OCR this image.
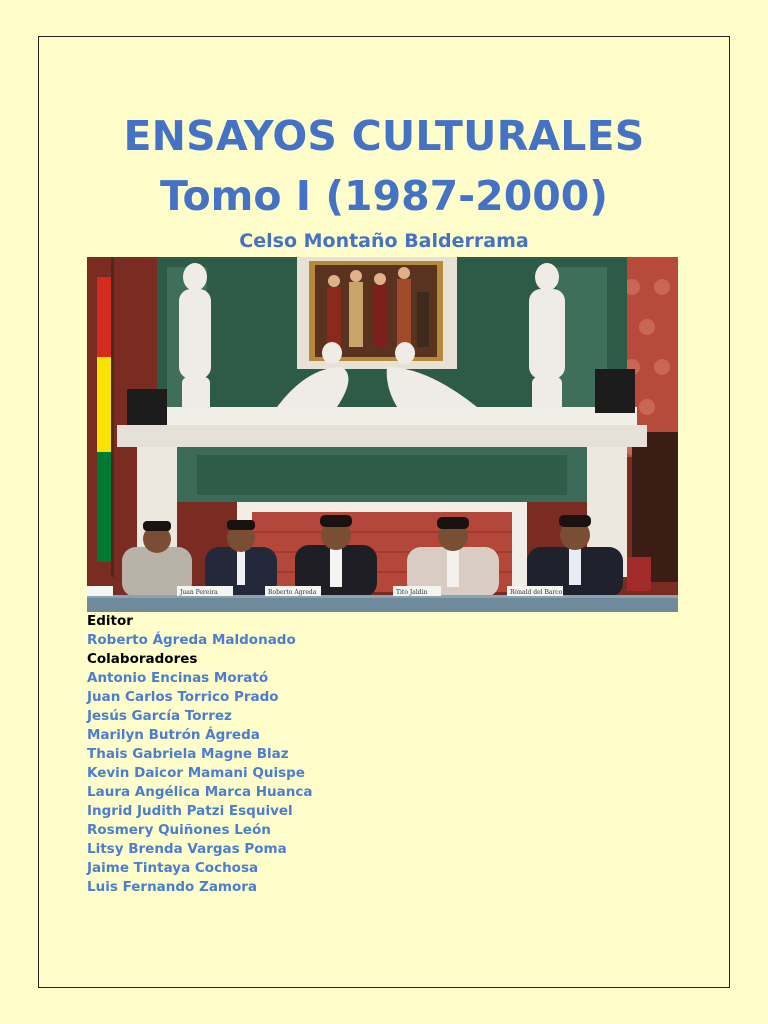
ENSAYOS CULTURALES
Tomo I (1987-2000)
Celso Montaño Balderrama
Juan Pereira	Roberto Agreda	Tito Jaldin	Ronald del Barco
Editor
Roberto Ágreda Maldonado
Colaboradores
Antonio Encinas Morató
Juan Carlos Torrico Prado
Jesús García Torrez
Marilyn Butrón Ágreda
Thais Gabriela Magne Blaz
Kevin Daicor Mamani Quispe
Laura Angélica Marca Huanca
Ingrid Judith Patzi Esquivel
Rosmery Quiñones León
Litsy Brenda Vargas Poma
Jaime Tintaya Cochosa
Luis Fernando Zamora
